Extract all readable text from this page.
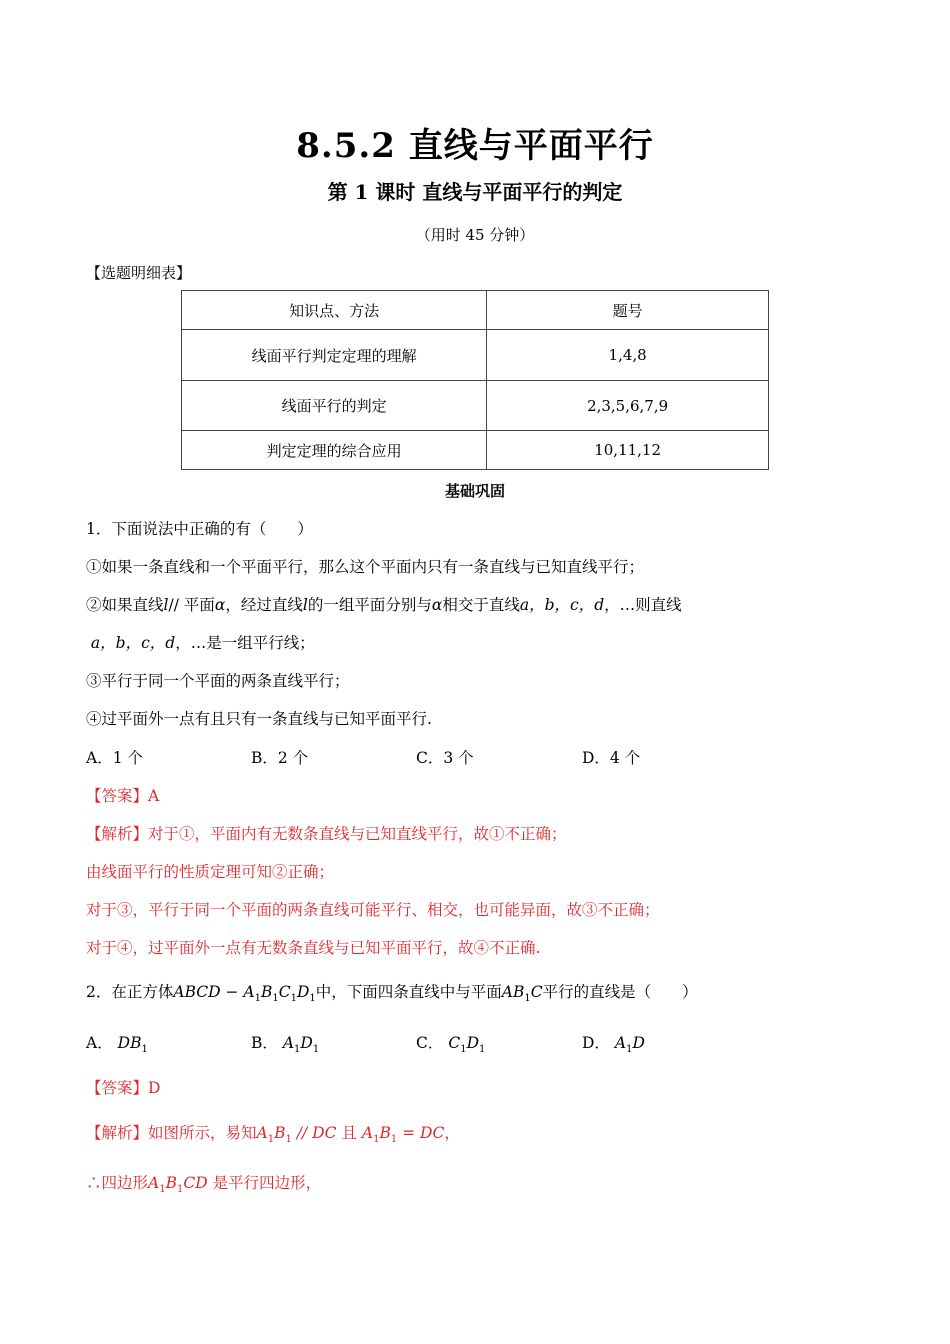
8.5.2 直线与平面平行
第 1 课时 直线与平面平行的判定
（用时 45 分钟）
【选题明细表】
知识点、方法	题号
线面平行判定定理的理解	1,4,8
线面平行的判定	2,3,5,6,7,9
判定定理的综合应用	10,11,12
基础巩固
1．下面说法中正确的有（　　）
①如果一条直线和一个平面平行，那么这个平面内只有一条直线与已知直线平行；
②如果直线l// 平面α，经过直线l的一组平面分别与α相交于直线a，b，c，d，…则直线
a，b，c，d，…是一组平行线；
③平行于同一个平面的两条直线平行；
④过平面外一点有且只有一条直线与已知平面平行.
A．1 个	B．2 个	C．3 个	D．4 个
【答案】A
【解析】对于①，平面内有无数条直线与已知直线平行，故①不正确；
由线面平行的性质定理可知②正确；
对于③，平行于同一个平面的两条直线可能平行、相交，也可能异面，故③不正确；
对于④，过平面外一点有无数条直线与已知平面平行，故④不正确.
2．在正方体ABCD − $A_1B_1C_1D_1$中，下面四条直线中与平面$AB_1C$平行的直线是（　　）
A． $DB_1$	B． $A_1D_1$	C． $C_1D_1$	D． $A_1D$
【答案】D
【解析】如图所示，易知$A_1B_1$ // DC 且 $A_1B_1$ = DC，
∴四边形$A_1B_1CD$ 是平行四边形，
